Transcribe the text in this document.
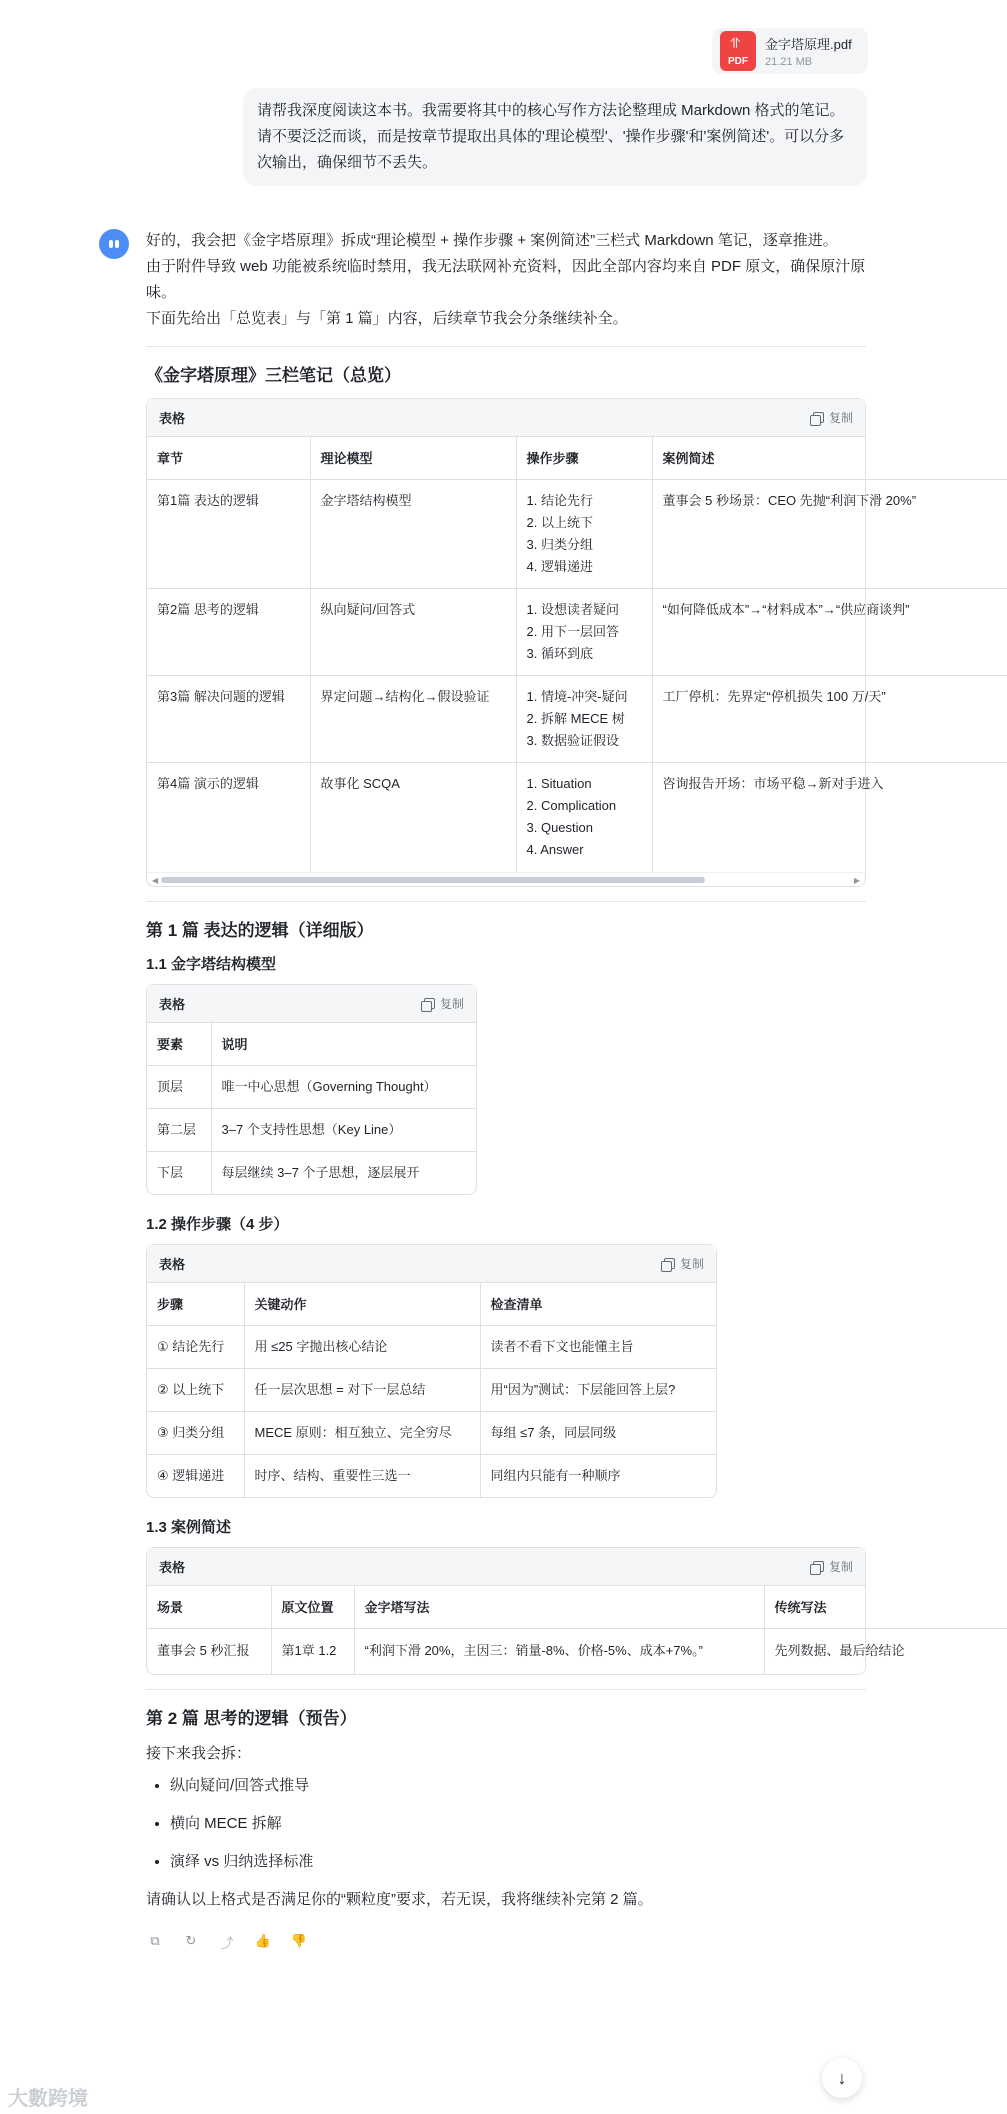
⥣
PDF
金字塔原理.pdf
21.21 MB
请帮我深度阅读这本书。我需要将其中的核心写作方法论整理成 Markdown 格式的笔记。请不要泛泛而谈，而是按章节提取出具体的'理论模型'、'操作步骤'和'案例简述'。可以分多次输出，确保细节不丢失。
好的，我会把《金字塔原理》拆成“理论模型 + 操作步骤 + 案例简述”三栏式 Markdown 笔记，逐章推进。
由于附件导致 web 功能被系统临时禁用，我无法联网补充资料，因此全部内容均来自 PDF 原文，确保原汁原味。
下面先给出「总览表」与「第 1 篇」内容，后续章节我会分条继续补全。
《金字塔原理》三栏笔记（总览）
表格	复制
章节	理论模型	操作步骤	案例简述
第1篇 表达的逻辑	金字塔结构模型	1. 结论先行
2. 以上统下
3. 归类分组
4. 逻辑递进	董事会 5 秒场景：CEO 先抛“利润下滑 20%”
第2篇 思考的逻辑	纵向疑问/回答式	1. 设想读者疑问
2. 用下一层回答
3. 循环到底	“如何降低成本”→“材料成本”→“供应商谈判”
第3篇 解决问题的逻辑	界定问题→结构化→假设验证	1. 情境-冲突-疑问
2. 拆解 MECE 树
3. 数据验证假设	工厂停机：先界定“停机损失 100 万/天”
第4篇 演示的逻辑	故事化 SCQA	1. Situation
2. Complication
3. Question
4. Answer	咨询报告开场：市场平稳→新对手进入
◀	▶
第 1 篇 表达的逻辑（详细版）
1.1 金字塔结构模型
表格	复制
要素	说明
顶层	唯一中心思想（Governing Thought）
第二层	3–7 个支持性思想（Key Line）
下层	每层继续 3–7 个子思想，逐层展开
1.2 操作步骤（4 步）
表格	复制
步骤	关键动作	检查清单
① 结论先行	用 ≤25 字抛出核心结论	读者不看下文也能懂主旨
② 以上统下	任一层次思想 = 对下一层总结	用“因为”测试：下层能回答上层?
③ 归类分组	MECE 原则：相互独立、完全穷尽	每组 ≤7 条，同层同级
④ 逻辑递进	时序、结构、重要性三选一	同组内只能有一种顺序
1.3 案例简述
表格	复制
场景	原文位置	金字塔写法	传统写法
董事会 5 秒汇报	第1章 1.2	“利润下滑 20%，主因三：销量-8%、价格-5%、成本+7%。”	先列数据、最后给结论
第 2 篇 思考的逻辑（预告）
接下来我会拆：
• 纵向疑问/回答式推导
• 横向 MECE 拆解
• 演绎 vs 归纳选择标准
请确认以上格式是否满足你的“颗粒度”要求，若无误，我将继续补完第 2 篇。
⧉	↻ ⤴ 👍 👎
↓
大數跨境
